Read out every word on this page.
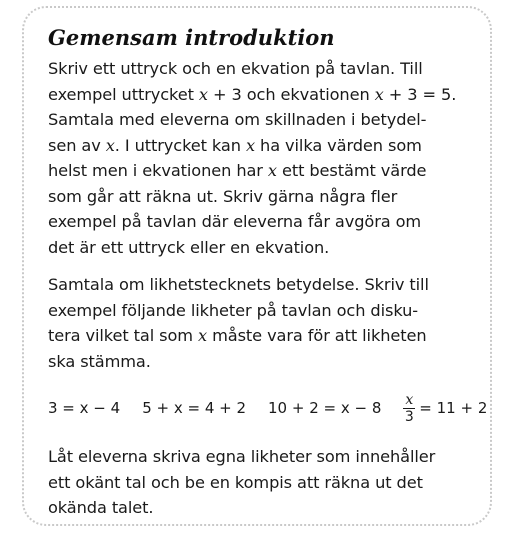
Gemensam introduktion
Skriv ett uttryck och en ekvation på tavlan. Till
exempel uttrycket x + 3 och ekvationen x + 3 = 5.
Samtala med eleverna om skillnaden i betydel-
sen av x. I uttrycket kan x ha vilka värden som
helst men i ekvationen har x ett bestämt värde
som går att räkna ut. Skriv gärna några fler
exempel på tavlan där eleverna får avgöra om
det är ett uttryck eller en ekvation.
Samtala om likhetstecknets betydelse. Skriv till
exempel följande likheter på tavlan och disku-
tera vilket tal som x måste vara för att likheten
ska stämma.
3 = x − 4 5 + x = 4 + 2 $10 + 2 = x - 8 \frac{x}{3} = 11 + 2$
Låt eleverna skriva egna likheter som innehåller
ett okänt tal och be en kompis att räkna ut det
okända talet.
